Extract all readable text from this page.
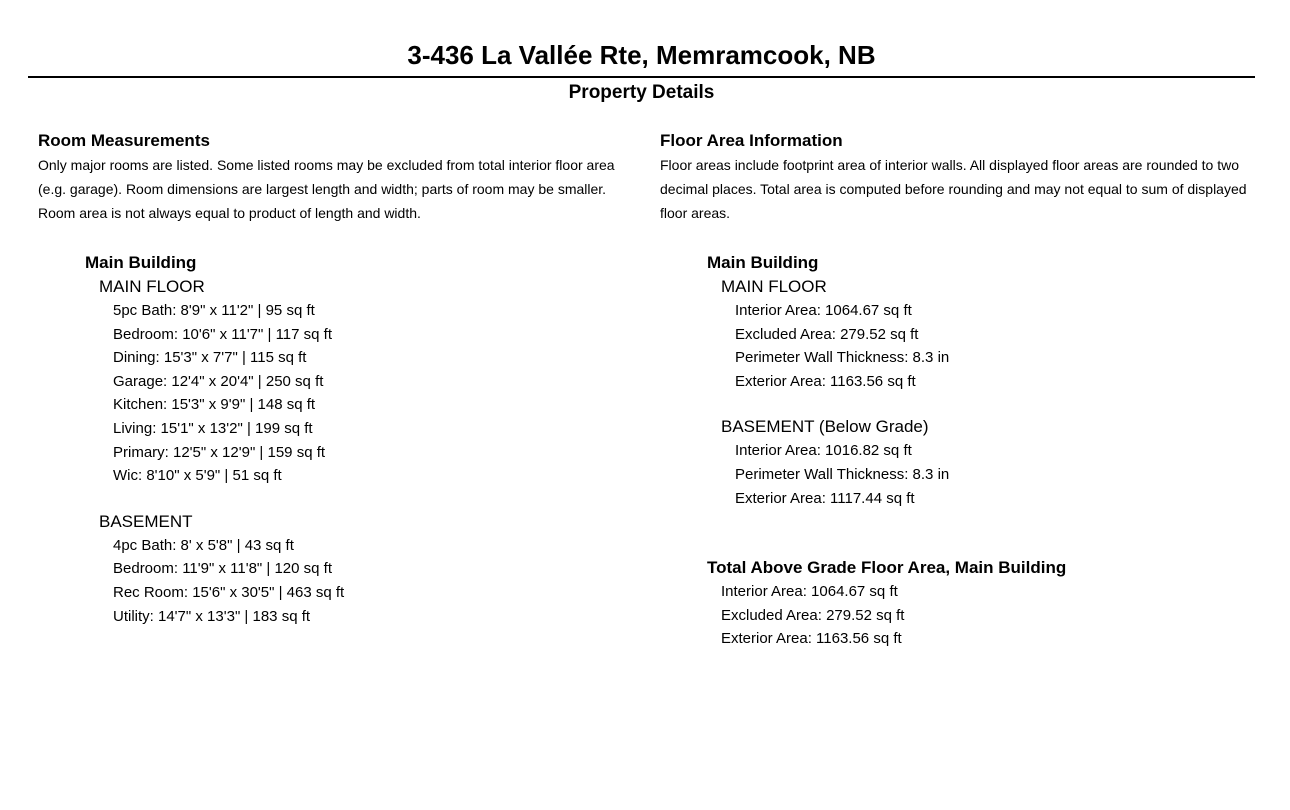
3-436 La Vallée Rte, Memramcook, NB
Property Details
Room Measurements
Only major rooms are listed. Some listed rooms may be excluded from total interior floor area (e.g. garage). Room dimensions are largest length and width; parts of room may be smaller. Room area is not always equal to product of length and width.
Main Building
MAIN FLOOR
5pc Bath: 8'9" x 11'2" | 95 sq ft
Bedroom: 10'6" x 11'7" | 117 sq ft
Dining: 15'3" x 7'7" | 115 sq ft
Garage: 12'4" x 20'4" | 250 sq ft
Kitchen: 15'3" x 9'9" | 148 sq ft
Living: 15'1" x 13'2" | 199 sq ft
Primary: 12'5" x 12'9" | 159 sq ft
Wic: 8'10" x 5'9" | 51 sq ft
BASEMENT
4pc Bath: 8' x 5'8" | 43 sq ft
Bedroom: 11'9" x 11'8" | 120 sq ft
Rec Room: 15'6" x 30'5" | 463 sq ft
Utility: 14'7" x 13'3" | 183 sq ft
Floor Area Information
Floor areas include footprint area of interior walls. All displayed floor areas are rounded to two decimal places. Total area is computed before rounding and may not equal to sum of displayed floor areas.
Main Building
MAIN FLOOR
Interior Area: 1064.67 sq ft
Excluded Area: 279.52 sq ft
Perimeter Wall Thickness: 8.3 in
Exterior Area: 1163.56 sq ft
BASEMENT (Below Grade)
Interior Area: 1016.82 sq ft
Perimeter Wall Thickness: 8.3 in
Exterior Area: 1117.44 sq ft
Total Above Grade Floor Area, Main Building
Interior Area: 1064.67 sq ft
Excluded Area: 279.52 sq ft
Exterior Area: 1163.56 sq ft
